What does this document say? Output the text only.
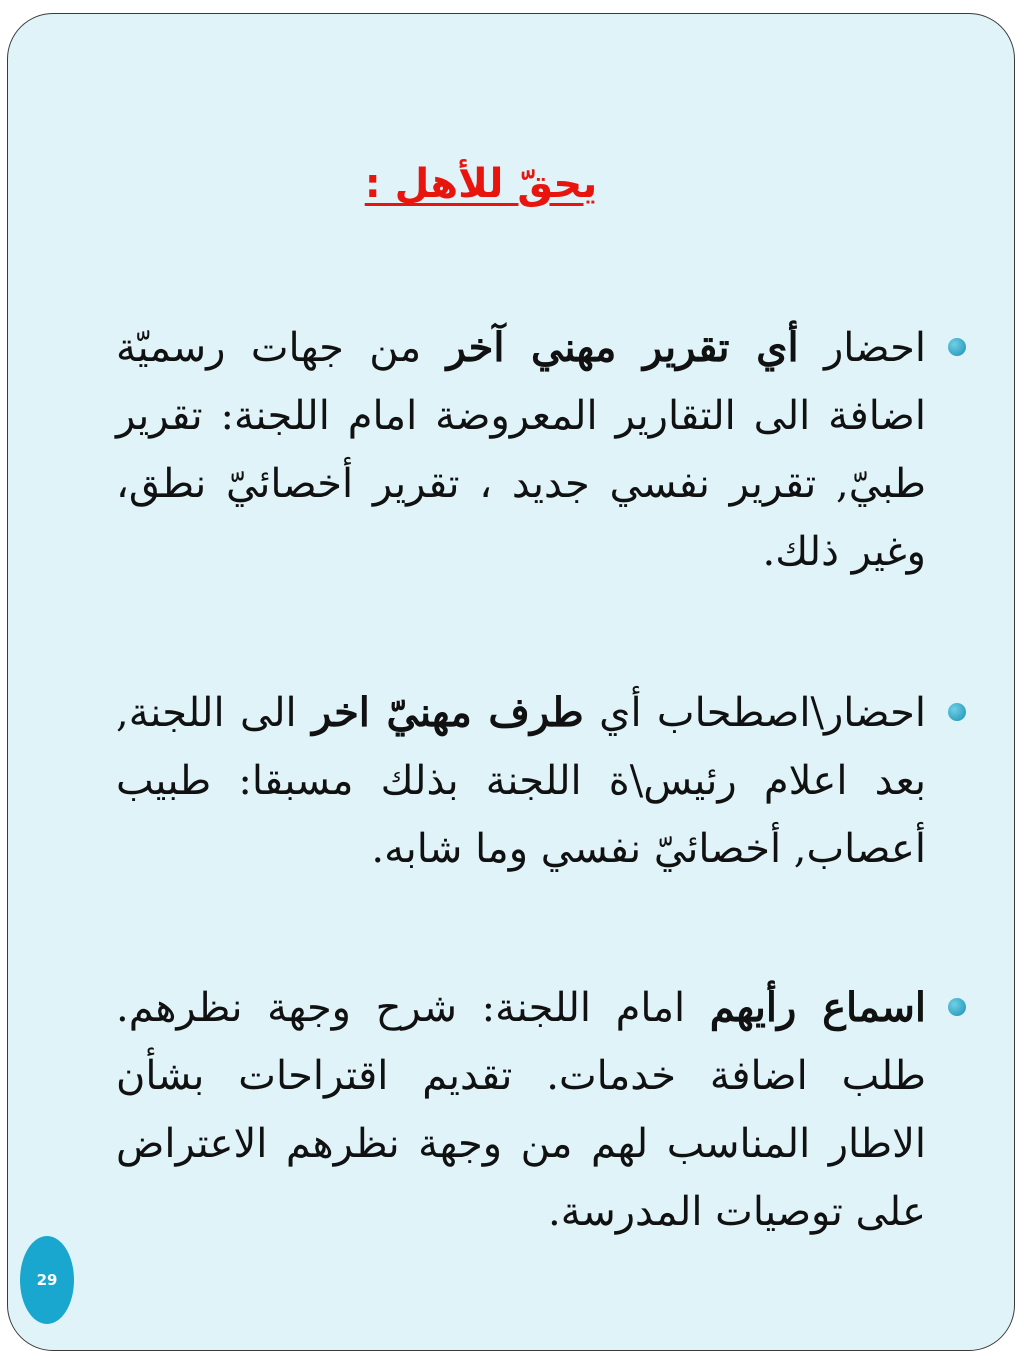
يحقّ للأهل :
احضار أي تقرير مهني آخر من جهات رسميّة اضافة الى التقارير المعروضة امام اللجنة: تقرير طبيّ, تقرير نفسي جديد ، تقرير أخصائيّ نطق، وغير ذلك.
احضار\اصطحاب أي طرف مهنيّ اخر الى اللجنة, بعد اعلام رئيس\ة اللجنة بذلك مسبقا: طبيب أعصاب, أخصائيّ نفسي وما شابه.
اسماع رأيهم امام اللجنة: شرح وجهة نظرهم. طلب اضافة خدمات. تقديم اقتراحات بشأن الاطار المناسب لهم من وجهة نظرهم الاعتراض على توصيات المدرسة.
29
